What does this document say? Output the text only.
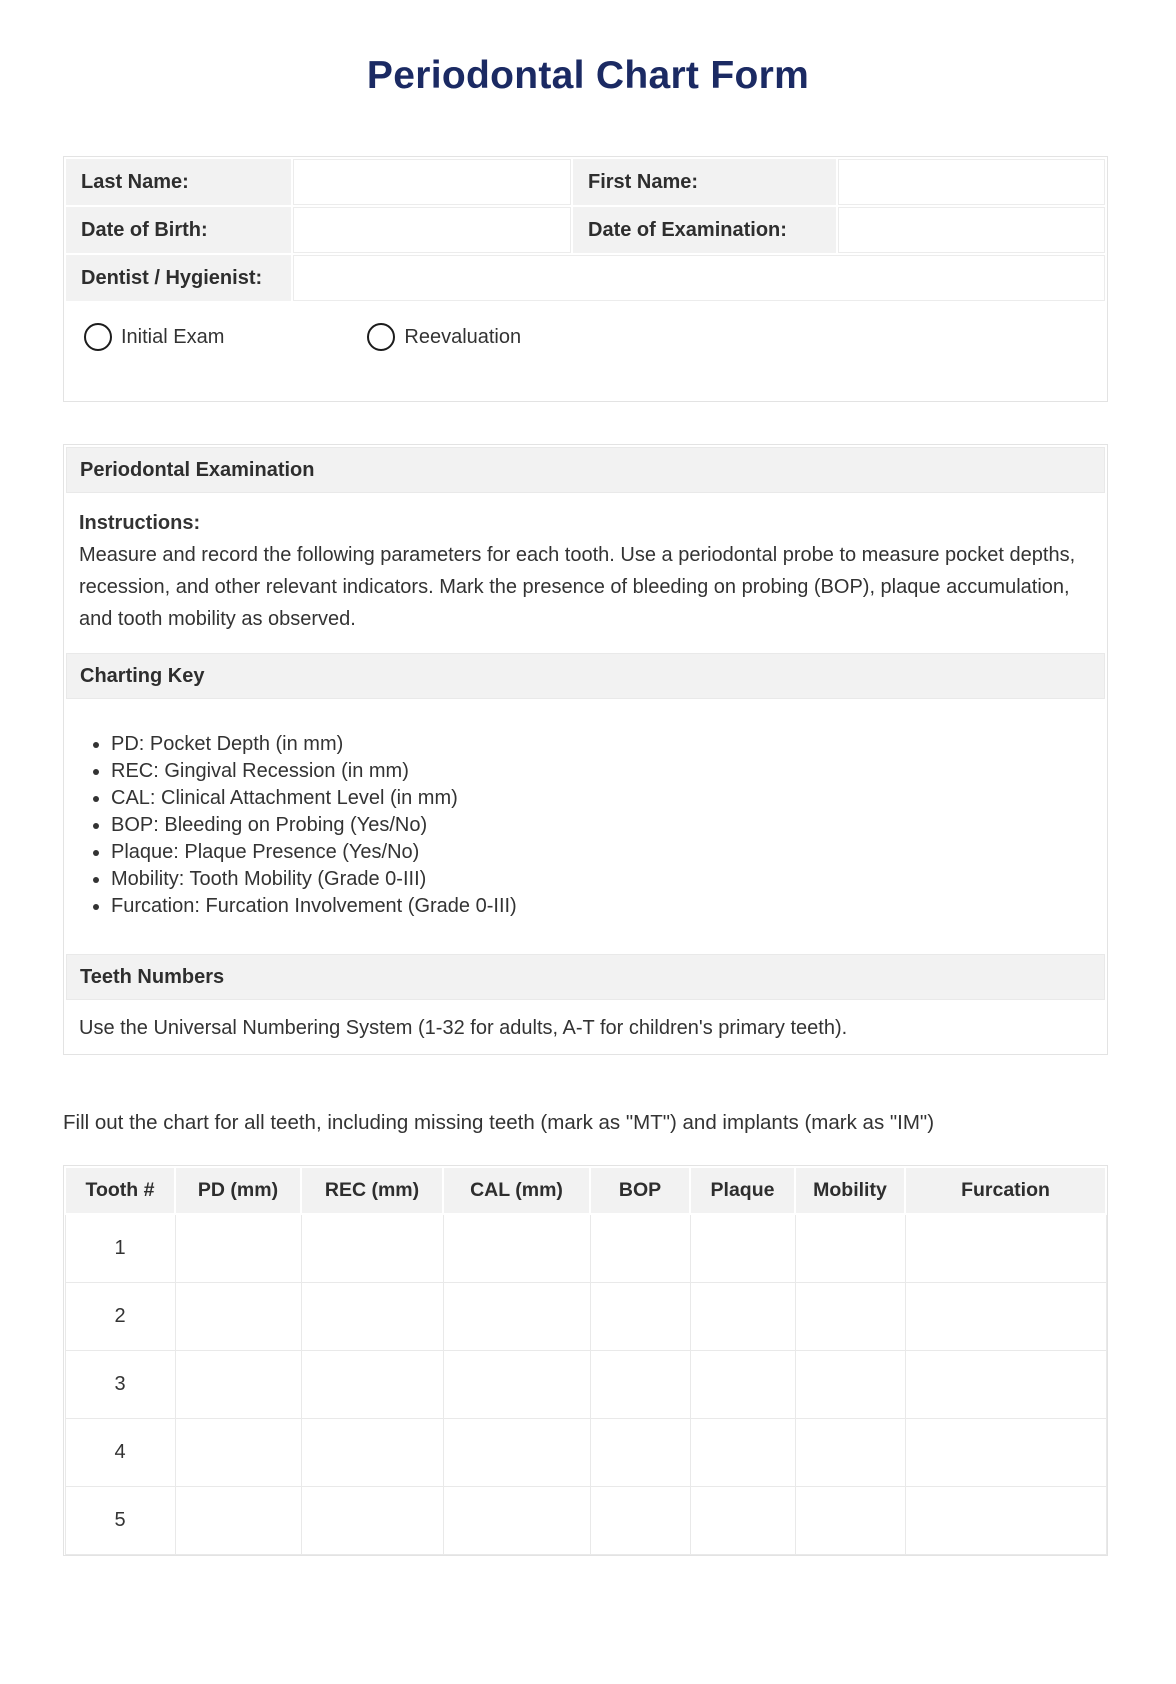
Periodontal Chart Form
Last Name:		First Name:	
Date of Birth:		Date of Examination:	
Dentist / Hygienist:			
Initial Exam	Reevaluation
Periodontal Examination
Instructions:
Measure and record the following parameters for each tooth. Use a periodontal probe to measure pocket depths, recession, and other relevant indicators. Mark the presence of bleeding on probing (BOP), plaque accumulation, and tooth mobility as observed.
Charting Key
• PD: Pocket Depth (in mm)
• REC: Gingival Recession (in mm)
• CAL: Clinical Attachment Level (in mm)
• BOP: Bleeding on Probing (Yes/No)
• Plaque: Plaque Presence (Yes/No)
• Mobility: Tooth Mobility (Grade 0-III)
• Furcation: Furcation Involvement (Grade 0-III)
Teeth Numbers
Use the Universal Numbering System (1-32 for adults, A-T for children's primary teeth).

Fill out the chart for all teeth, including missing teeth (mark as "MT") and implants (mark as "IM")

Tooth #	PD (mm)	REC (mm)	CAL (mm)	BOP	Plaque	Mobility	Furcation
1							
2							
3							
4							
5							
